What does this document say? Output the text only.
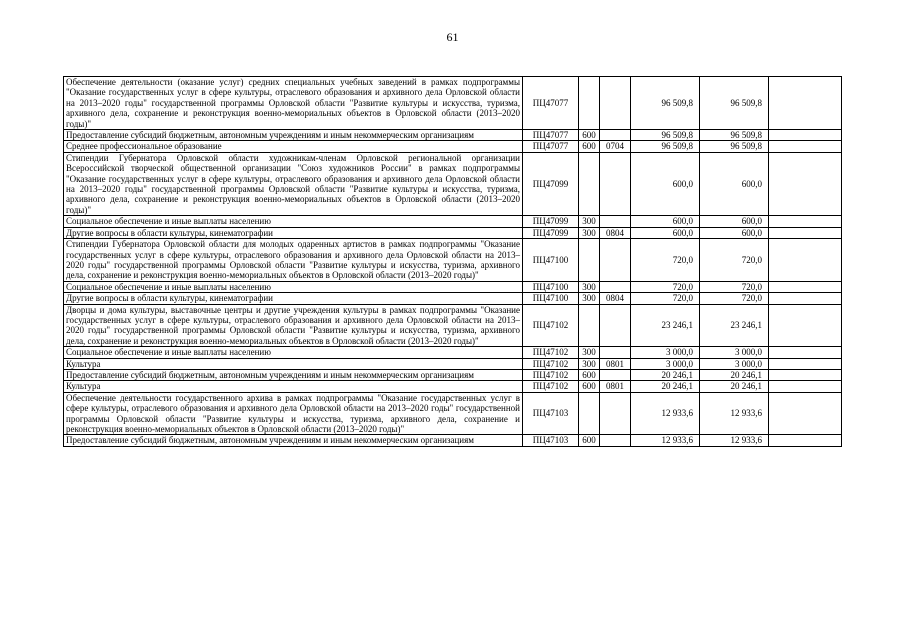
61
Обеспечение деятельности (оказание услуг) средних специальных учебных заведений в рамках подпрограммы "Оказание государственных услуг в сфере культуры, отраслевого образования и архивного дела Орловской области на 2013–2020 годы" государственной программы Орловской области "Развитие культуры и искусства, туризма, архивного дела, сохранение и реконструкция военно-мемориальных объектов в Орловской области (2013–2020 годы)"	ПЦ47077			96 509,8	96 509,8	
Предоставление субсидий бюджетным, автономным учреждениям и иным некоммерческим организациям	ПЦ47077	600		96 509,8	96 509,8	
Среднее профессиональное образование	ПЦ47077	600	0704	96 509,8	96 509,8	
Стипендии Губернатора Орловской области художникам-членам Орловской региональной организации Всероссийской творческой общественной организации "Союз художников России" в рамках подпрограммы "Оказание государственных услуг в сфере культуры, отраслевого образования и архивного дела Орловской области на 2013–2020 годы" государственной программы Орловской области "Развитие культуры и искусства, туризма, архивного дела, сохранение и реконструкция военно-мемориальных объектов в Орловской области (2013–2020 годы)"	ПЦ47099			600,0	600,0	
Социальное обеспечение и иные выплаты населению	ПЦ47099	300		600,0	600,0	
Другие вопросы в области культуры, кинематографии	ПЦ47099	300	0804	600,0	600,0	
Стипендии Губернатора Орловской области для молодых одаренных артистов в рамках подпрограммы "Оказание государственных услуг в сфере культуры, отраслевого образования и архивного дела Орловской области на 2013–2020 годы" государственной программы Орловской области "Развитие культуры и искусства, туризма, архивного дела, сохранение и реконструкция военно-мемориальных объектов в Орловской области (2013–2020 годы)"	ПЦ47100			720,0	720,0	
Социальное обеспечение и иные выплаты населению	ПЦ47100	300		720,0	720,0	
Другие вопросы в области культуры, кинематографии	ПЦ47100	300	0804	720,0	720,0	
Дворцы и дома культуры, выставочные центры и другие учреждения культуры в рамках подпрограммы "Оказание государственных услуг в сфере культуры, отраслевого образования и архивного дела Орловской области на 2013–2020 годы" государственной программы Орловской области "Развитие культуры и искусства, туризма, архивного дела, сохранение и реконструкция военно-мемориальных объектов в Орловской области (2013–2020 годы)"	ПЦ47102			23 246,1	23 246,1	
Социальное обеспечение и иные выплаты населению	ПЦ47102	300		3 000,0	3 000,0	
Культура	ПЦ47102	300	0801	3 000,0	3 000,0	
Предоставление субсидий бюджетным, автономным учреждениям и иным некоммерческим организациям	ПЦ47102	600		20 246,1	20 246,1	
Культура	ПЦ47102	600	0801	20 246,1	20 246,1	
Обеспечение деятельности государственного архива в рамках подпрограммы "Оказание государственных услуг в сфере культуры, отраслевого образования и архивного дела Орловской области на 2013–2020 годы" государственной программы Орловской области "Развитие культуры и искусства, туризма, архивного дела, сохранение и реконструкция военно-мемориальных объектов в Орловской области (2013–2020 годы)"	ПЦ47103			12 933,6	12 933,6	
Предоставление субсидий бюджетным, автономным учреждениям и иным некоммерческим организациям	ПЦ47103	600		12 933,6	12 933,6	
